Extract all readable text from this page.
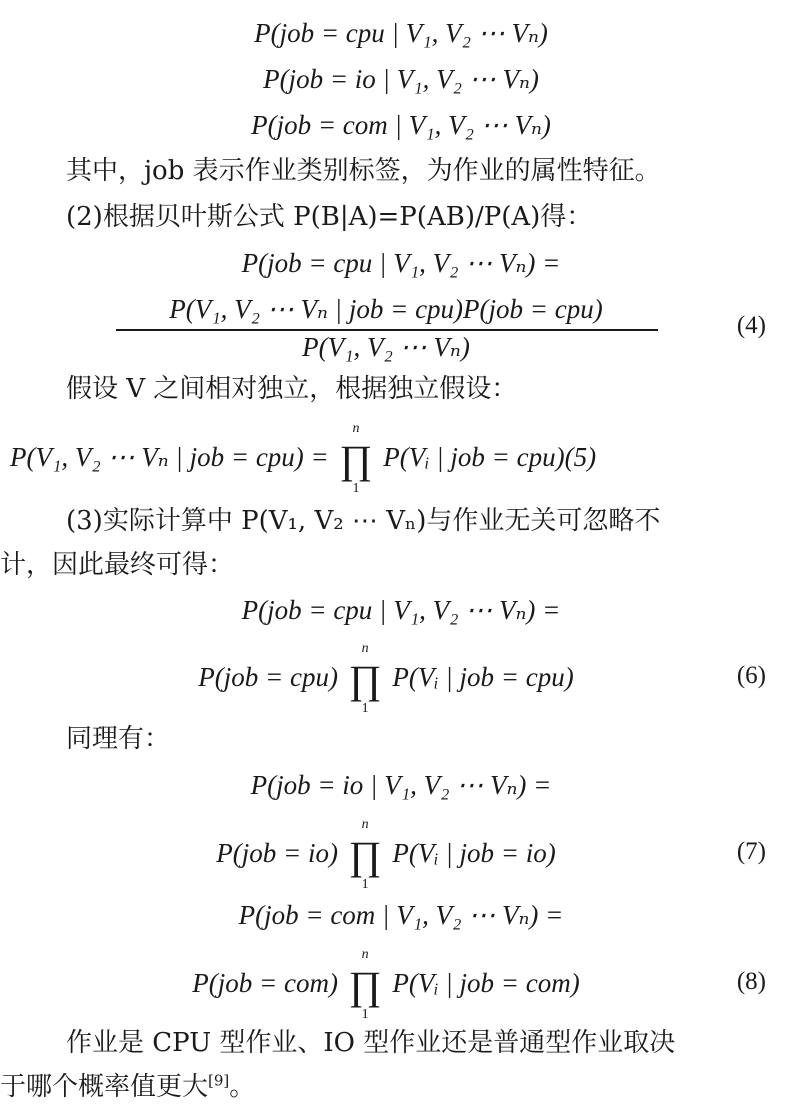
P(job = cpu | V₁, V₂ ⋯ Vₙ)
P(job = io | V₁, V₂ ⋯ Vₙ)
P(job = com | V₁, V₂ ⋯ Vₙ)
其中，job 表示作业类别标签，为作业的属性特征。
(2)根据贝叶斯公式 P(B|A)=P(AB)/P(A)得：
P(job = cpu | V₁, V₂ ⋯ Vₙ) =
P(V₁, V₂ ⋯ Vₙ | job = cpu)P(job = cpu)
P(V₁, V₂ ⋯ Vₙ)
(4)
假设 V 之间相对独立，根据独立假设：
P(V₁, V₂ ⋯ Vₙ | job = cpu) = ∏
n
1
P(Vᵢ | job = cpu)(5)
(3)实际计算中 P(V₁, V₂ ⋯ Vₙ)与作业无关可忽略不
计，因此最终可得：
P(job = cpu | V₁, V₂ ⋯ Vₙ) =
P(job = cpu) ∏
n
1
P(Vᵢ | job = cpu)	(6)
同理有：
P(job = io | V₁, V₂ ⋯ Vₙ) =
P(job = io) ∏
n
1
P(Vᵢ | job = io)	(7)
P(job = com | V₁, V₂ ⋯ Vₙ) =
P(job = com) ∏
n
1
P(Vᵢ | job = com)	(8)
作业是 CPU 型作业、IO 型作业还是普通型作业取决
于哪个概率值更大[9]。
